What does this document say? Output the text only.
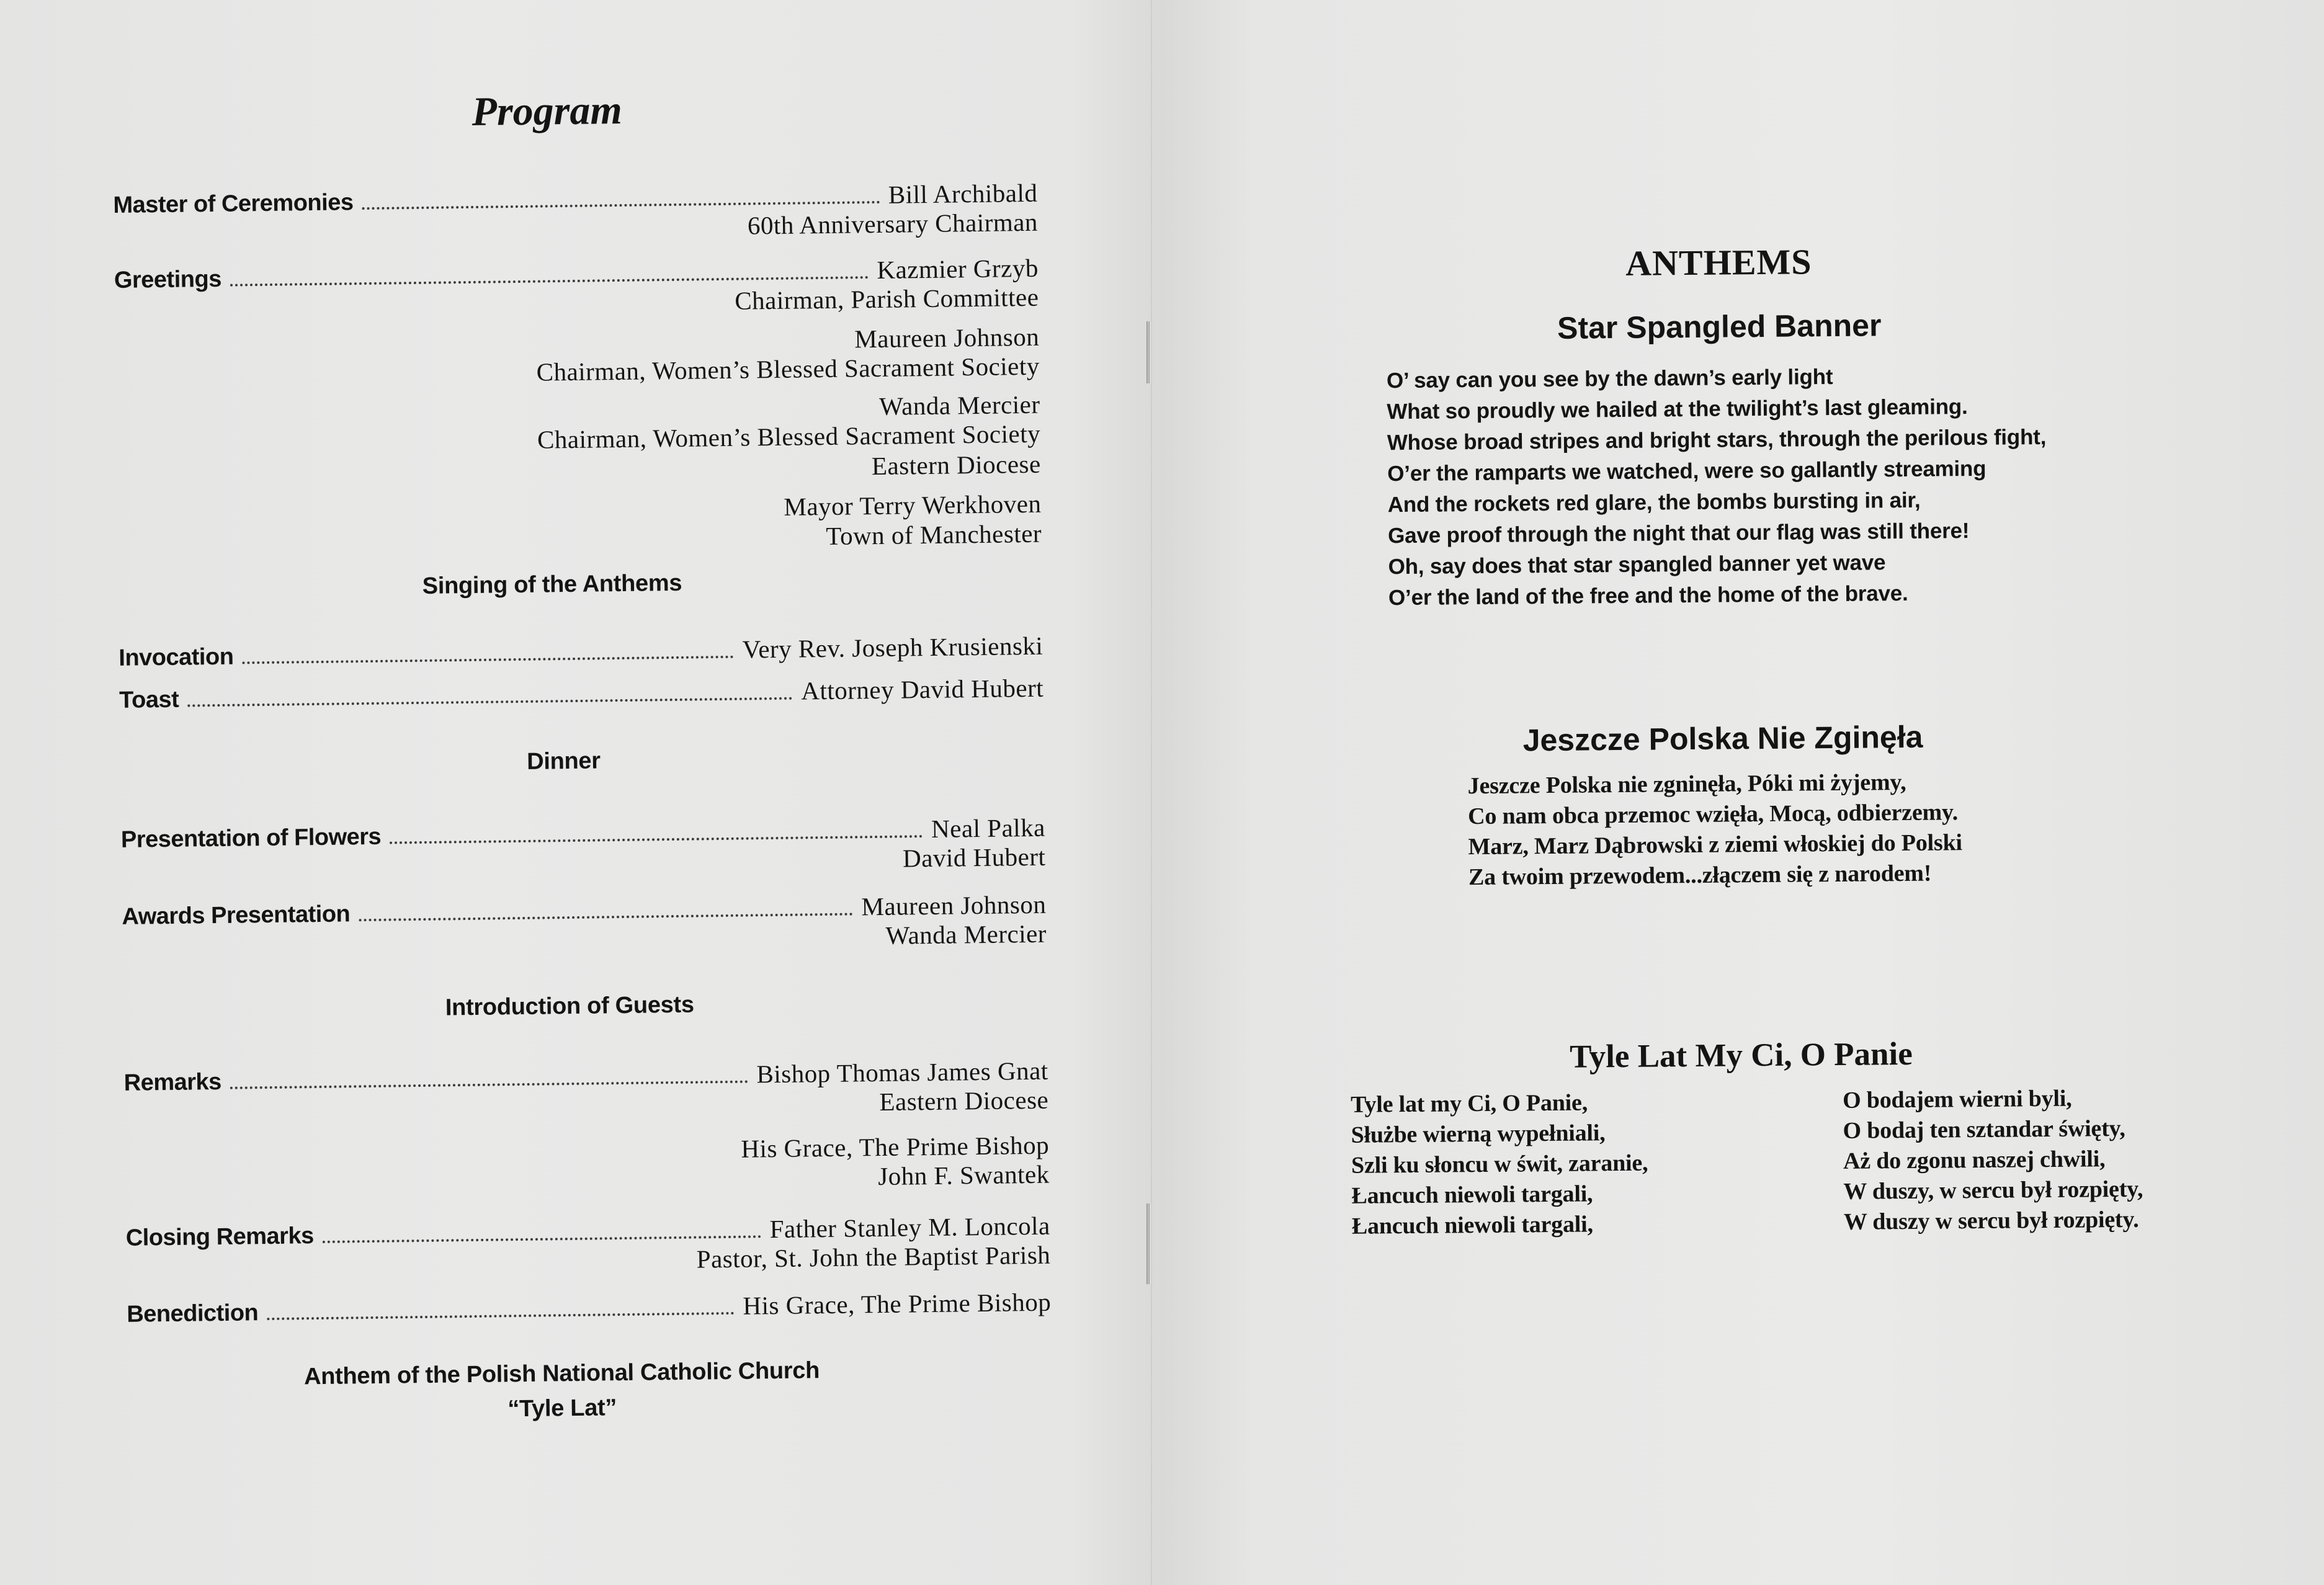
Program
Master of Ceremonies	Bill Archibald
60th Anniversary Chairman
Greetings	Kazmier Grzyb
Chairman, Parish Committee
Maureen Johnson
Chairman, Women’s Blessed Sacrament Society
Wanda Mercier
Chairman, Women’s Blessed Sacrament Society
Eastern Diocese
Mayor Terry Werkhoven
Town of Manchester
Singing of the Anthems
Invocation	Very Rev. Joseph Krusienski
Toast	Attorney David Hubert
Dinner
Presentation of Flowers	Neal Palka
David Hubert
Awards Presentation	Maureen Johnson
Wanda Mercier
Introduction of Guests
Remarks	Bishop Thomas James Gnat
Eastern Diocese
His Grace, The Prime Bishop
John F. Swantek
Closing Remarks	Father Stanley M. Loncola
Pastor, St. John the Baptist Parish
Benediction	His Grace, The Prime Bishop
Anthem of the Polish National Catholic Church
“Tyle Lat”
ANTHEMS
Star Spangled Banner
O’ say can you see by the dawn’s early light
What so proudly we hailed at the twilight’s last gleaming.
Whose broad stripes and bright stars, through the perilous fight,
O’er the ramparts we watched, were so gallantly streaming
And the rockets red glare, the bombs bursting in air,
Gave proof through the night that our flag was still there!
Oh, say does that star spangled banner yet wave
O’er the land of the free and the home of the brave.
Jeszcze Polska Nie Zginęła
Jeszcze Polska nie zgninęła, Póki mi żyjemy,
Co nam obca przemoc wzięła, Mocą, odbierzemy.
Marz, Marz Dąbrowski z ziemi włoskiej do Polski
Za twoim przewodem...złączem się z narodem!
Tyle Lat My Ci, O Panie
Tyle lat my Ci, O Panie,
Służbe wierną wypełniali,
Szli ku słoncu w świt, zaranie,
Łancuch niewoli targali,
Łancuch niewoli targali,
O bodajem wierni byli,
O bodaj ten sztandar święty,
Aż do zgonu naszej chwili,
W duszy, w sercu był rozpięty,
W duszy w sercu był rozpięty.
